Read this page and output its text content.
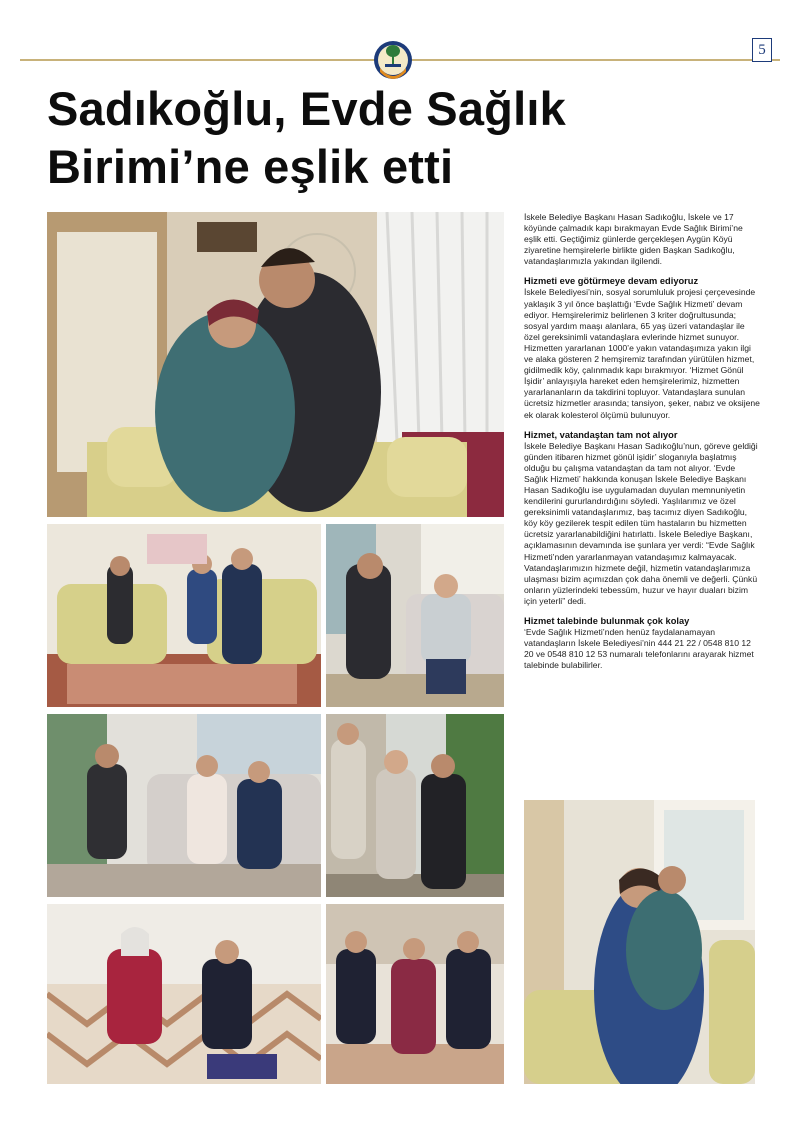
5
Sadıkoğlu, Evde Sağlık
Birimi’ne eşlik etti

İskele Belediye Başkanı Hasan Sadıkoğlu, İskele ve 17 köyünde çalmadık kapı bırakmayan Evde Sağlık Birimi’ne eşlik etti. Geçtiğimiz günlerde gerçekleşen Aygün Köyü ziyaretine hemşirelerle birlikte giden Başkan Sadıkoğlu, vatandaşlarımızla yakından ilgilendi.

Hizmeti eve götürmeye devam ediyoruz

İskele Belediyesi’nin, sosyal sorumluluk projesi çerçevesinde yaklaşık 3 yıl önce başlattığı ‘Evde Sağlık Hizmeti’ devam ediyor. Hemşirelerimiz belirlenen 3 kriter doğrultusunda; sosyal yardım maaşı alanlara, 65 yaş üzeri vatandaşlar ile özel gereksinimli vatandaşlara evlerinde hizmet sunuyor. Hizmetten yararlanan 1000’e yakın vatandaşımıza yakın ilgi ve alaka gösteren 2 hemşiremiz tarafından yürütülen hizmet, gidilmedik köy, çalınmadık kapı bırakmıyor. ‘Hizmet Gönül İşidir’ anlayışıyla hareket eden hemşirelerimiz, hizmetten yararlananların da takdirini topluyor. Vatandaşlara sunulan ücretsiz hizmetler arasında; tansiyon, şeker, nabız ve oksijene ek olarak kolesterol ölçümü bulunuyor.

Hizmet, vatandaştan tam not alıyor

İskele Belediye Başkanı Hasan Sadıkoğlu’nun, göreve geldiği günden itibaren hizmet gönül işidir’ sloganıyla başlatmış olduğu bu çalışma vatandaştan da tam not alıyor. ‘Evde Sağlık Hizmeti’ hakkında konuşan İskele Belediye Başkanı Hasan Sadıkoğlu ise uygulamadan duyulan memnuniyetin kendilerini gururlandırdığını söyledi. Yaşlılarımız ve özel gereksinimli vatandaşlarımız, baş tacımız diyen Sadıkoğlu, köy köy gezilerek tespit edilen tüm hastaların bu hizmetten ücretsiz yararlanabildiğini hatırlattı. İskele Belediye Başkanı, açıklamasının devamında ise şunlara yer verdi: “Evde Sağlık Hizmeti’nden yararlanmayan vatandaşımız kalmayacak. Vatandaşlarımızın hizmete değil, hizmetin vatandaşlarımıza ulaşması bizim açımızdan çok daha önemli ve değerli. Çünkü onların yüzlerindeki tebessüm, huzur ve hayır duaları bizim için yeterli” dedi.

Hizmet talebinde bulunmak çok kolay

‘Evde Sağlık Hizmeti’nden henüz faydalanamayan vatandaşların İskele Belediyesi’nin 444 21 22 / 0548 810 12 20 ve 0548 810 12 53 numaralı telefonlarını arayarak hizmet talebinde bulabilirler.
